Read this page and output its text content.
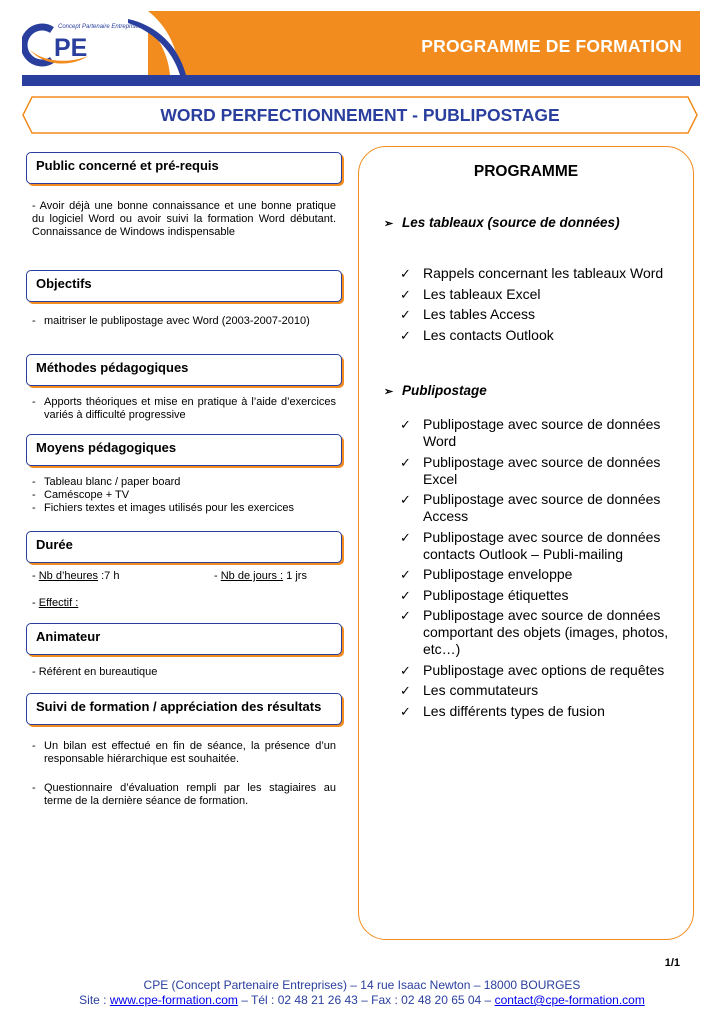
PROGRAMME DE FORMATION
PE
Concept Partenaire Entreprises
WORD PERFECTIONNEMENT - PUBLIPOSTAGE
Public concerné et pré-requis
- Avoir déjà une bonne connaissance et une bonne pratique du logiciel Word ou avoir suivi la formation Word débutant. Connaissance de Windows indispensable
Objectifs
- maitriser le publipostage avec Word (2003-2007-2010)
Méthodes pédagogiques
- Apports théoriques et mise en pratique à l’aide d’exercices variés à difficulté progressive
Moyens pédagogiques
- Tableau blanc / paper board
- Caméscope + TV
- Fichiers textes et images utilisés pour les exercices
Durée
- Nb d’heures :7 h	- Nb de jours : 1 jrs
- Effectif :
Animateur
- Référent en bureautique
Suivi de formation / appréciation des résultats
- Un bilan est effectué en fin de séance, la présence d’un responsable hiérarchique est souhaitée.
- Questionnaire d’évaluation rempli par les stagiaires au terme de la dernière séance de formation.
PROGRAMME
➢ Les tableaux (source de données)
✓ Rappels concernant les tableaux Word
✓ Les tableaux Excel
✓ Les tables Access
✓ Les contacts Outlook
➢ Publipostage
✓ Publipostage avec source de données Word
✓ Publipostage avec source de données Excel
✓ Publipostage avec source de données Access
✓ Publipostage avec source de données contacts Outlook – Publi-mailing
✓ Publipostage enveloppe
✓ Publipostage étiquettes
✓ Publipostage avec source de données comportant des objets (images, photos, etc…)
✓ Publipostage avec options de requêtes
✓ Les commutateurs
✓ Les différents types de fusion
1/1
CPE (Concept Partenaire Entreprises) – 14 rue Isaac Newton – 18000 BOURGES
Site : www.cpe-formation.com – Tél : 02 48 21 26 43 – Fax : 02 48 20 65 04 – contact@cpe-formation.com
